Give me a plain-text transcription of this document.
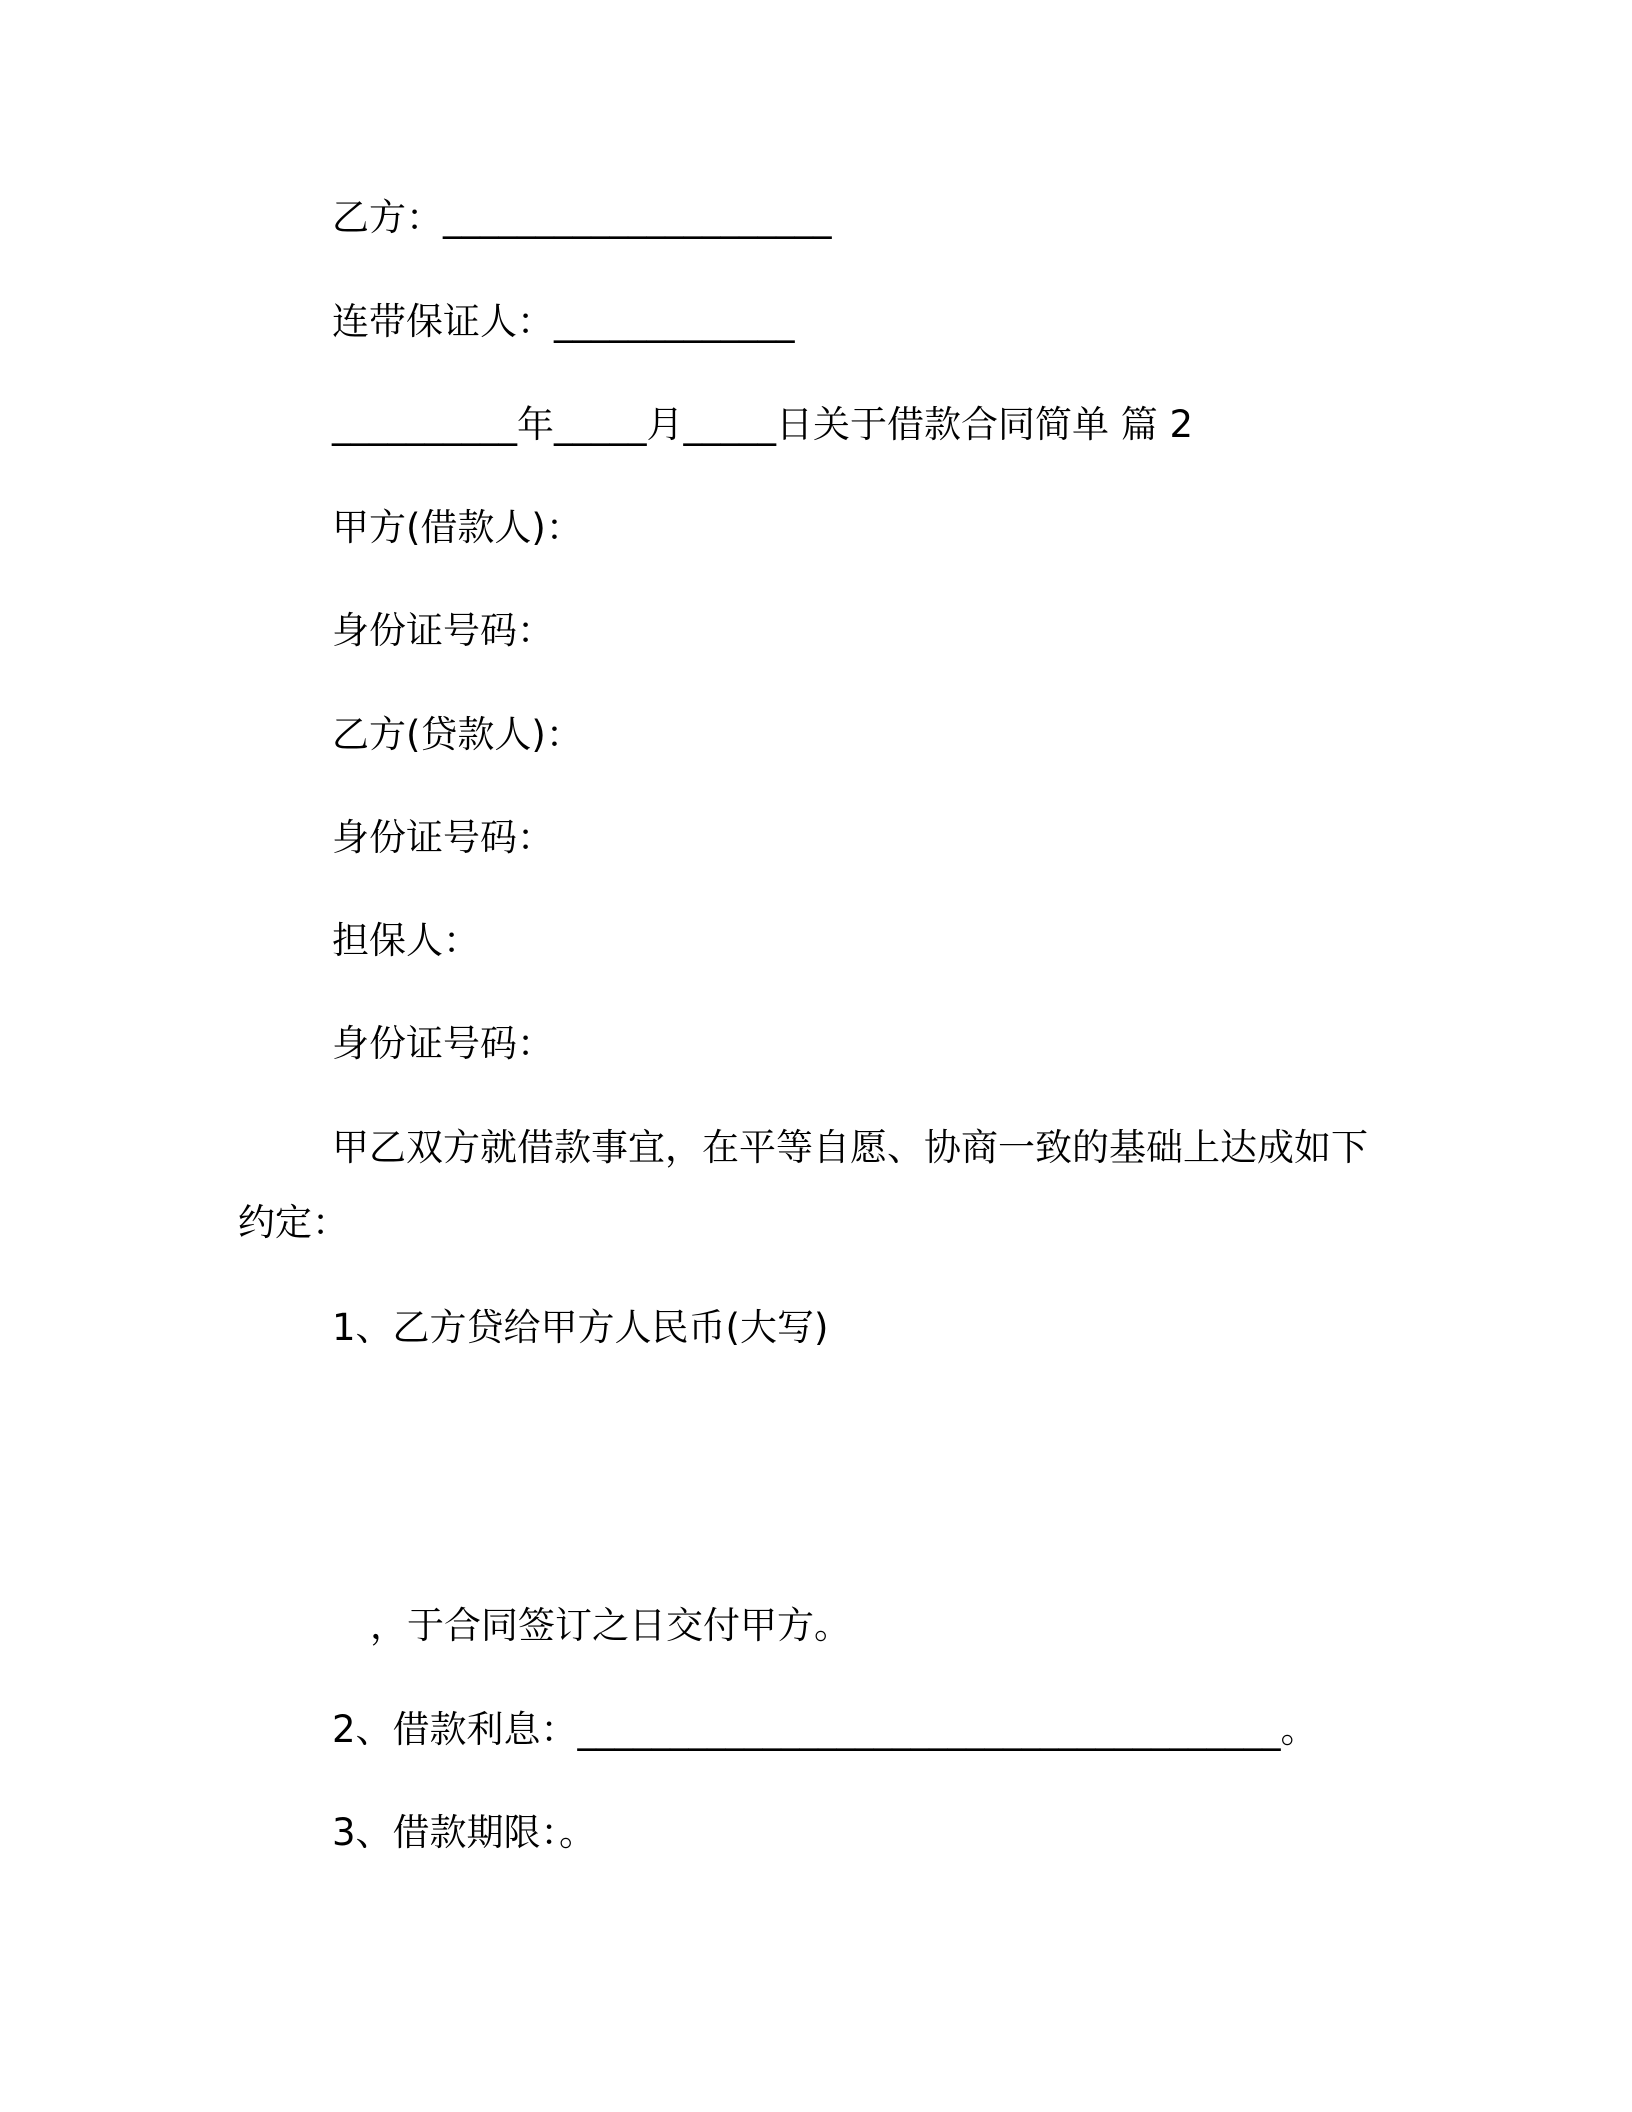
乙方：_____________________

连带保证人：_____________

__________年_____月_____日关于借款合同简单 篇 2

甲方(借款人)：

身份证号码：

乙方(贷款人)：

身份证号码：

担保人：

身份证号码：

甲乙双方就借款事宜，在平等自愿、协商一致的基础上达成如下

约定：

1、乙方贷给甲方人民币(大写)

，于合同签订之日交付甲方。

2、借款利息：______________________________________。

3、借款期限：。
